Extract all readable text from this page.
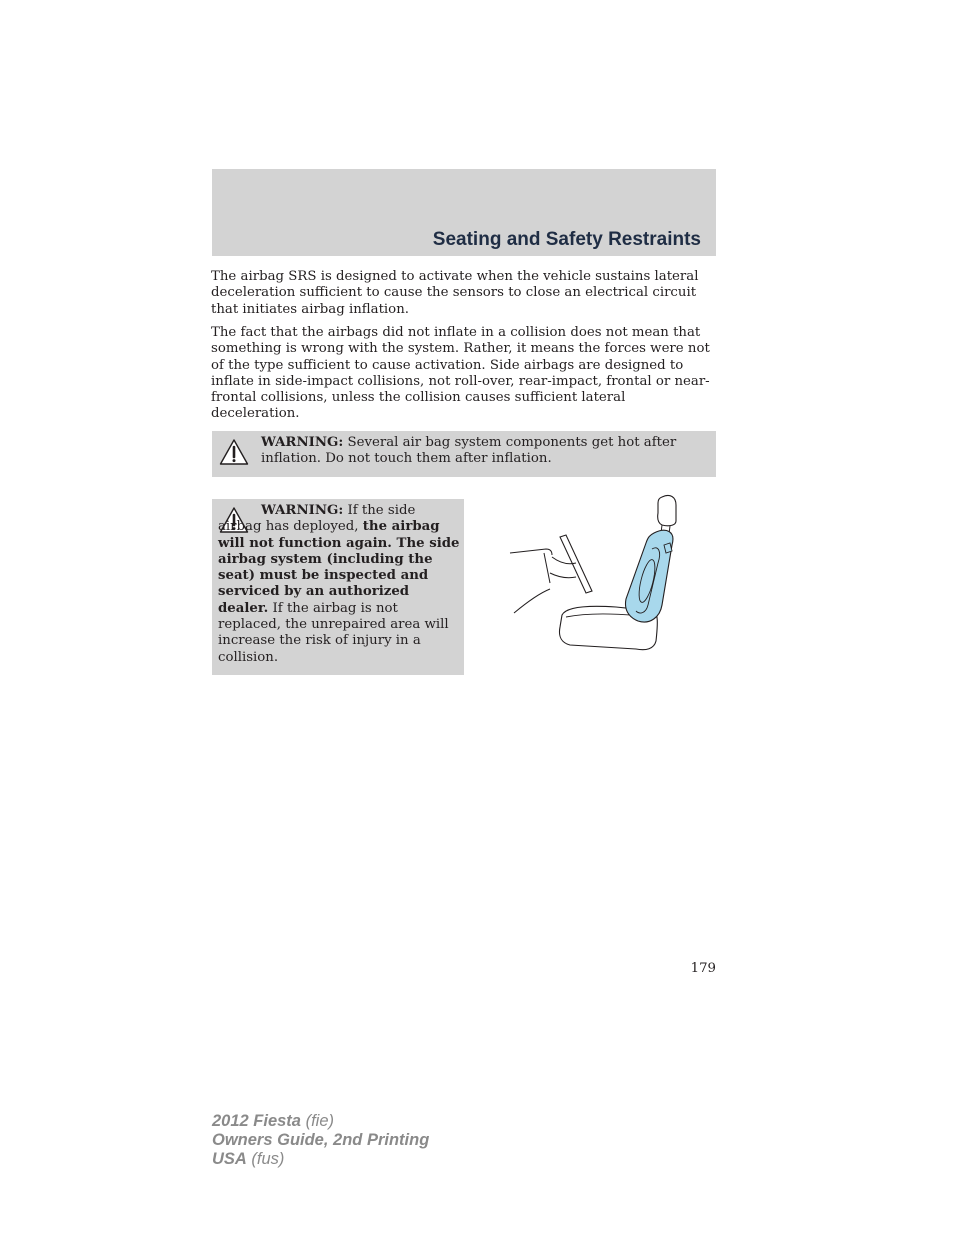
Seating and Safety Restraints

The airbag SRS is designed to activate when the vehicle sustains lateral deceleration sufficient to cause the sensors to close an electrical circuit that initiates airbag inflation.

The fact that the airbags did not inflate in a collision does not mean that something is wrong with the system. Rather, it means the forces were not of the type sufficient to cause activation. Side airbags are designed to inflate in side-impact collisions, not roll-over, rear-impact, frontal or near-frontal collisions, unless the collision causes sufficient lateral deceleration.

WARNING: Several air bag system components get hot after inflation. Do not touch them after inflation.

WARNING: If the side airbag has deployed, the airbag will not function again. The side airbag system (including the seat) must be inspected and serviced by an authorized dealer. If the airbag is not replaced, the unrepaired area will increase the risk of injury in a collision.

179

2012 Fiesta (fie)
Owners Guide, 2nd Printing
USA (fus)
